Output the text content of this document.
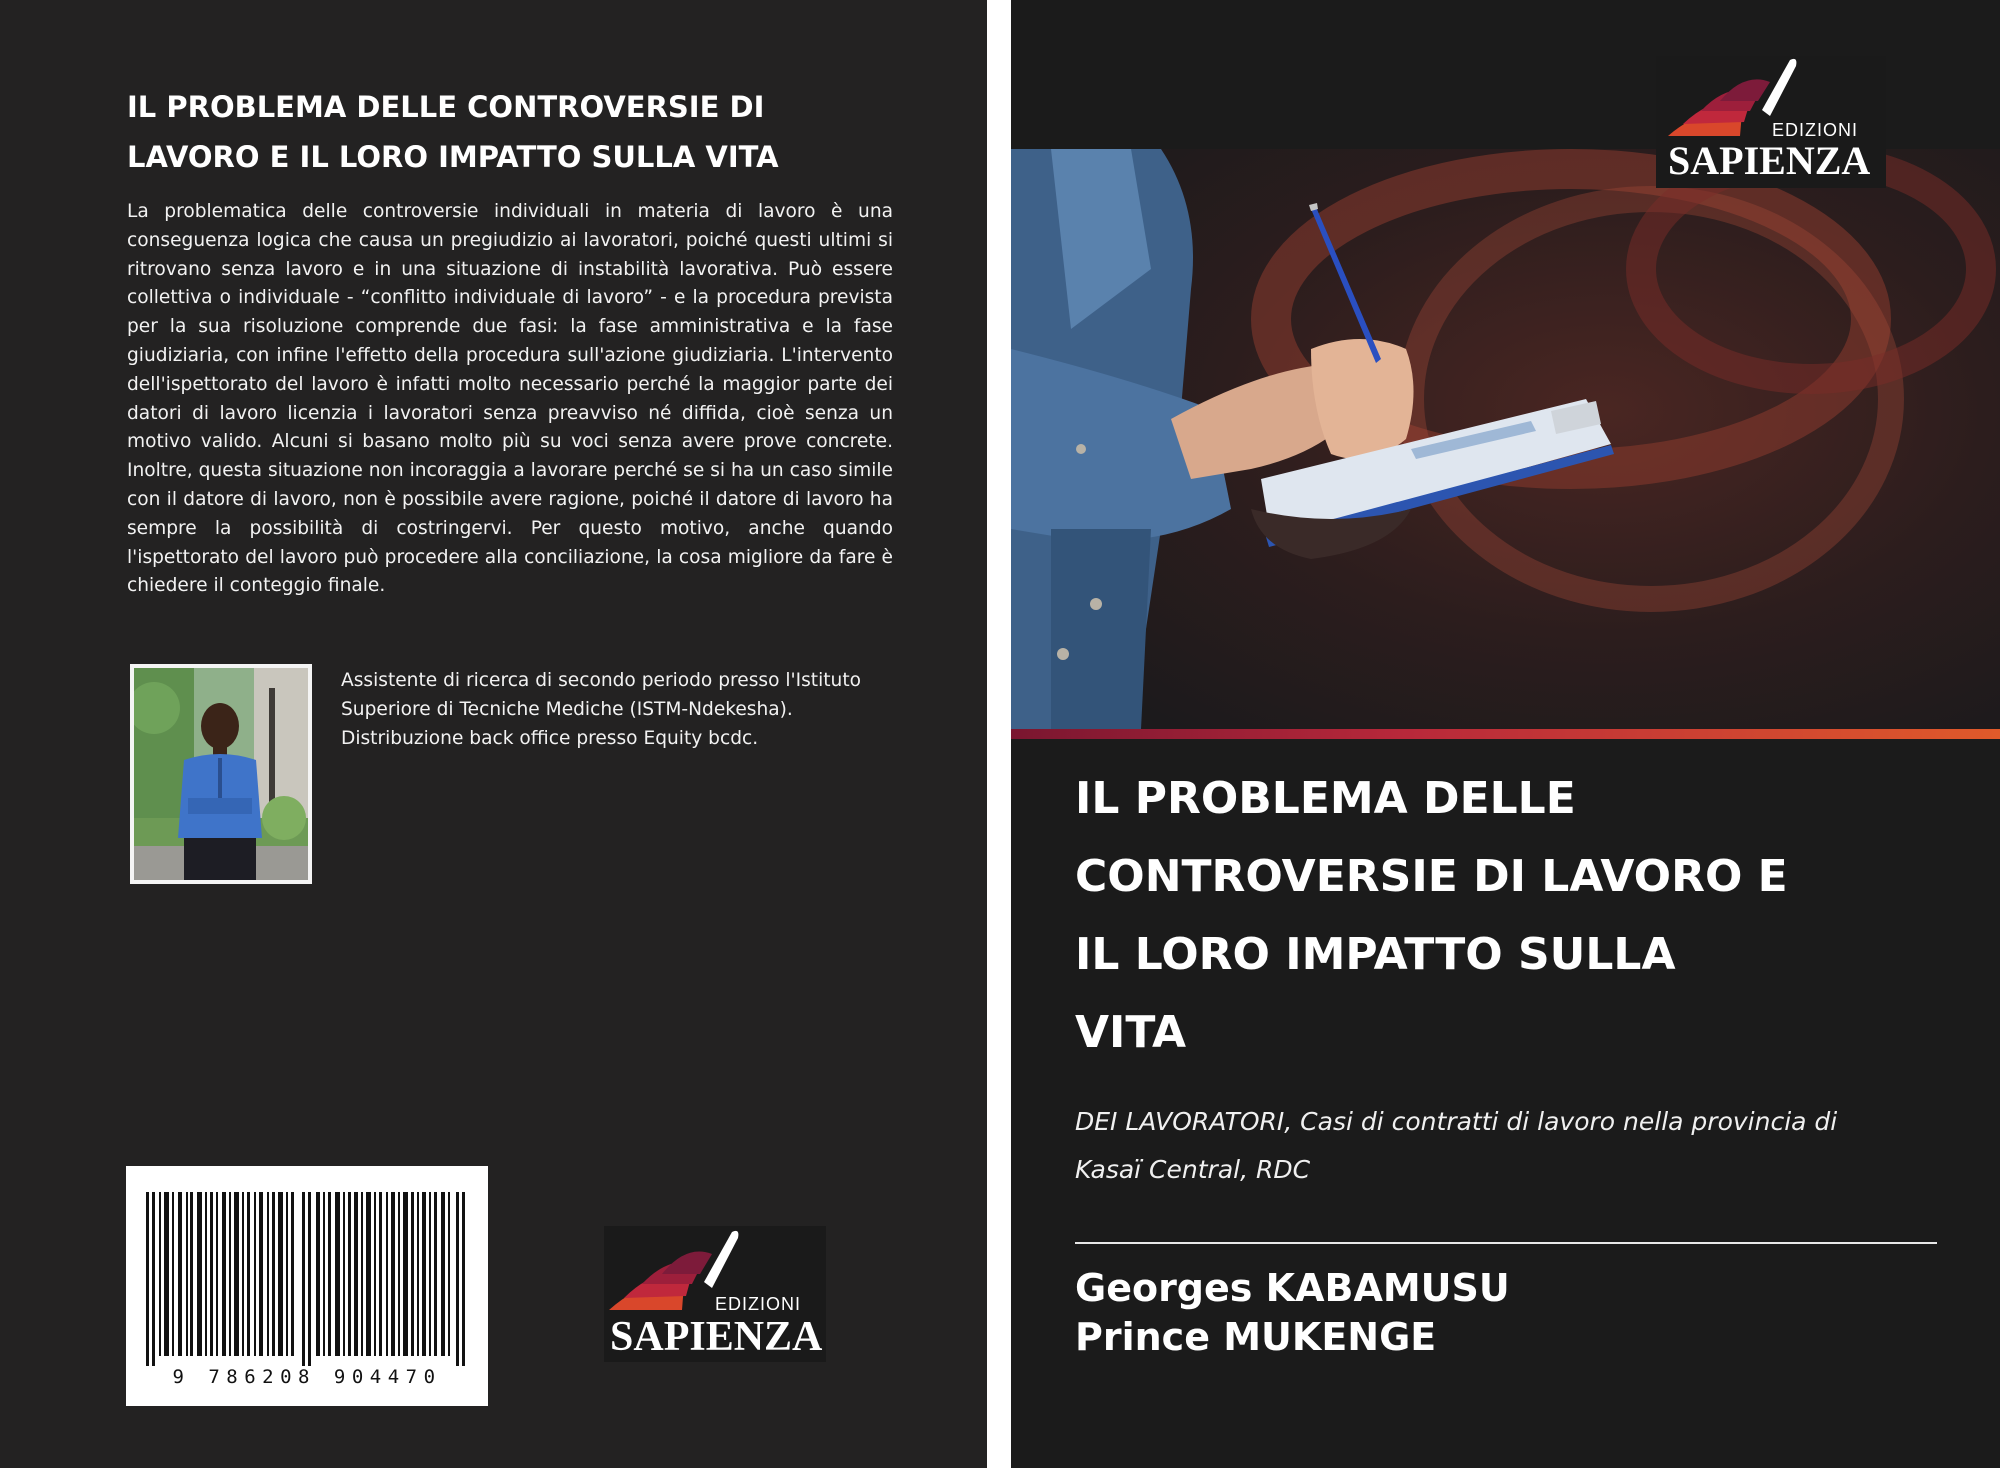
IL PROBLEMA DELLE CONTROVERSIE DI
LAVORO E IL LORO IMPATTO SULLA VITA

La problematica delle controversie individuali in materia di lavoro è una conseguenza logica che causa un pregiudizio ai lavoratori, poiché questi ultimi si ritrovano senza lavoro e in una situazione di instabilità lavorativa. Può essere collettiva o individuale - “conflitto individuale di lavoro” - e la procedura prevista per la sua risoluzione comprende due fasi: la fase amministrativa e la fase giudiziaria, con infine l'effetto della procedura sull'azione giudiziaria. L'intervento dell'ispettorato del lavoro è infatti molto necessario perché la maggior parte dei datori di lavoro licenzia i lavoratori senza preavviso né diffida, cioè senza un motivo valido. Alcuni si basano molto più su voci senza avere prove concrete. Inoltre, questa situazione non incoraggia a lavorare perché se si ha un caso simile con il datore di lavoro, non è possibile avere ragione, poiché il datore di lavoro ha sempre la possibilità di costringervi. Per questo motivo, anche quando l'ispettorato del lavoro può procedere alla conciliazione, la cosa migliore da fare è chiedere il conteggio finale.

Assistente di ricerca di secondo periodo presso l'Istituto Superiore di Tecniche Mediche (ISTM-Ndekesha). Distribuzione back office presso Equity bcdc.

9 786208 904470
EDIZIONI
SAPIENZA
EDIZIONI
SAPIENZA
IL PROBLEMA DELLE
CONTROVERSIE DI LAVORO E
IL LORO IMPATTO SULLA
VITA
DEI LAVORATORI, Casi di contratti di lavoro nella provincia di
Kasaï Central, RDC
Georges KABAMUSU
Prince MUKENGE
